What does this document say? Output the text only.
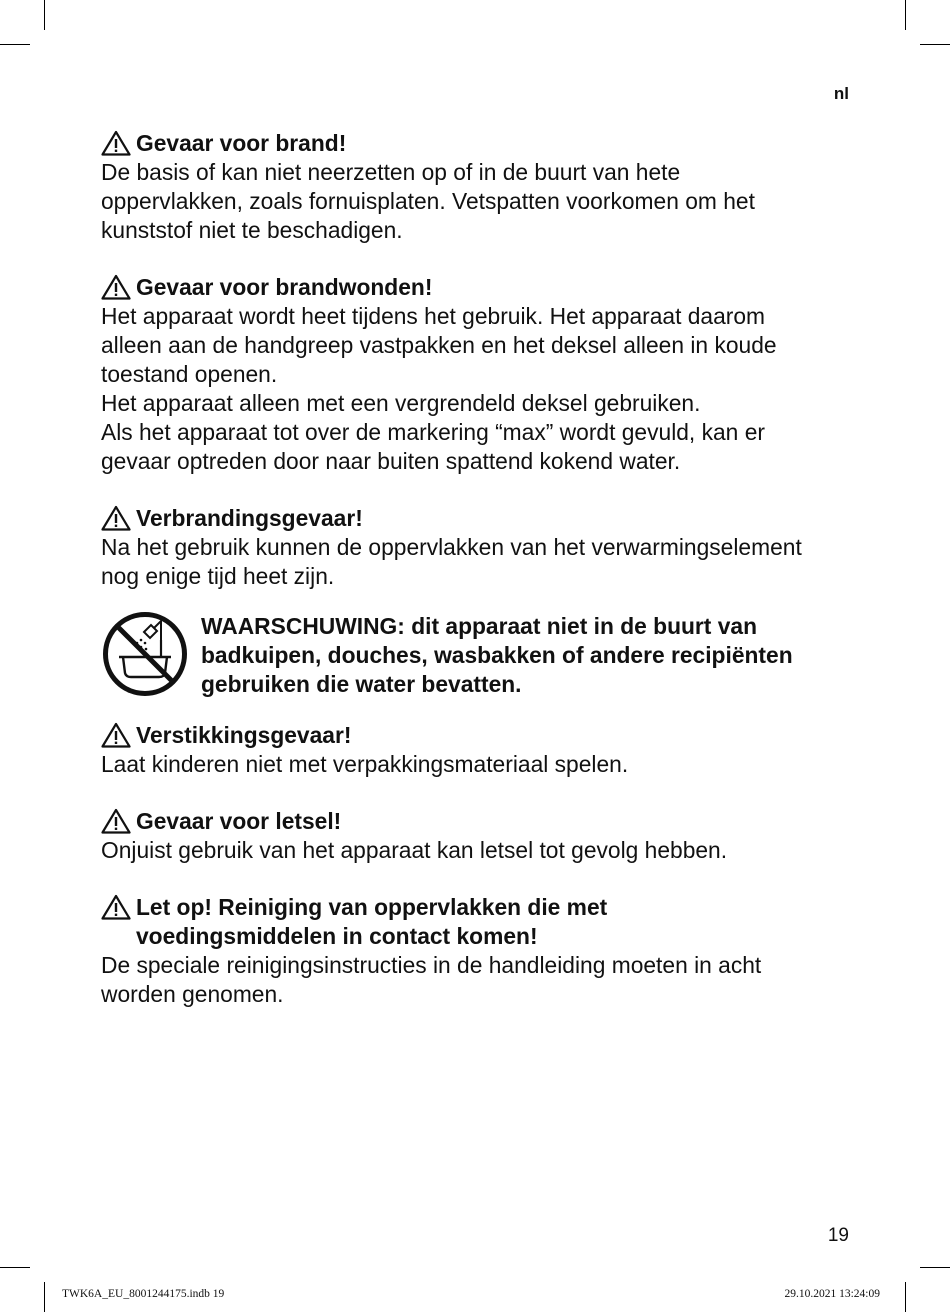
nl
Gevaar voor brand!
De basis of kan niet neerzetten op of in de buurt van hete
oppervlakken, zoals fornuisplaten. Vetspatten voorkomen om het
kunststof niet te beschadigen.
Gevaar voor brandwonden!
Het apparaat wordt heet tijdens het gebruik. Het apparaat daarom
alleen aan de handgreep vastpakken en het deksel alleen in koude
toestand openen.
Het apparaat alleen met een vergrendeld deksel gebruiken.
Als het apparaat tot over de markering “max” wordt gevuld, kan er
gevaar optreden door naar buiten spattend kokend water.
Verbrandingsgevaar!
Na het gebruik kunnen de oppervlakken van het verwarmingselement
nog enige tijd heet zijn.
WAARSCHUWING: dit apparaat niet in de buurt van
badkuipen, douches, wasbakken of andere recipiënten
gebruiken die water bevatten.
Verstikkingsgevaar!
Laat kinderen niet met verpakkingsmateriaal spelen.
Gevaar voor letsel!
Onjuist gebruik van het apparaat kan letsel tot gevolg hebben.
Let op! Reiniging van oppervlakken die met
voedingsmiddelen in contact komen!
De speciale reinigingsinstructies in de handleiding moeten in acht
worden genomen.
19
TWK6A_EU_8001244175.indb 19	29.10.2021 13:24:09
